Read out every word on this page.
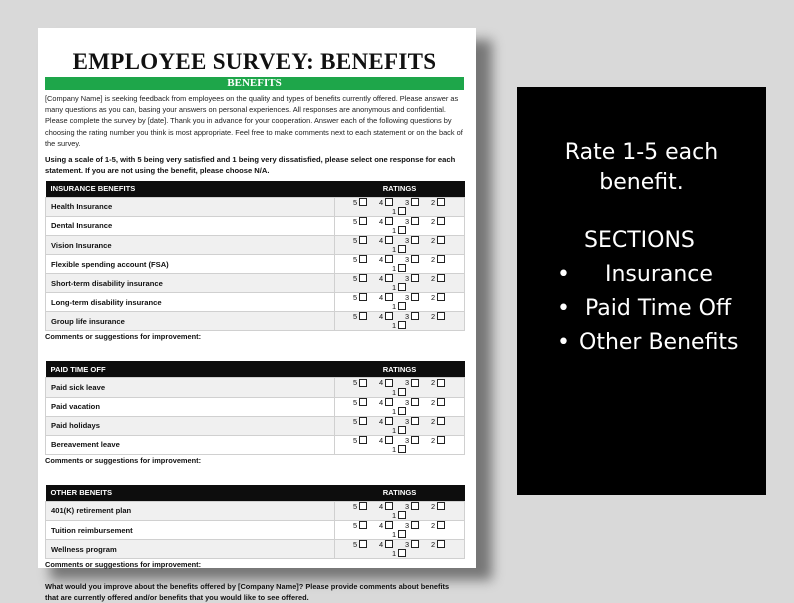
EMPLOYEE SURVEY: BENEFITS
BENEFITS
[Company Name] is seeking feedback from employees on the quality and types of benefits currently offered. Please answer as many questions as you can, basing your answers on personal experiences. All responses are anonymous and confidential. Please complete the survey by [date]. Thank you in advance for your cooperation. Answer each of the following questions by choosing the rating number you think is most appropriate. Feel free to make comments next to each statement or on the back of the survey.
Using a scale of 1-5, with 5 being very satisfied and 1 being very dissatisfied, please select one response for each statement. If you are not using the benefit, please choose N/A.
INSURANCE BENEFITS	RATINGS
Health Insurance	5 4 3 21
Dental Insurance	5 4 3 21
Vision Insurance	5 4 3 21
Flexible spending account (FSA)	5 4 3 21
Short-term disability insurance	5 4 3 21
Long-term disability insurance	5 4 3 21
Group life insurance	5 4 3 21
Comments or suggestions for improvement:
PAID TIME OFF	RATINGS
Paid sick leave	5 4 3 21
Paid vacation	5 4 3 21
Paid holidays	5 4 3 21
Bereavement leave	5 4 3 21
Comments or suggestions for improvement:
OTHER BENEITS	RATINGS
401(K) retirement plan	5 4 3 21
Tuition reimbursement	5 4 3 21
Wellness program	5 4 3 21
Comments or suggestions for improvement:
What would you improve about the benefits offered by [Company Name]? Please provide comments about benefits that are currently offered and/or benefits that you would like to see offered.
Rate 1-5 each
benefit.
SECTIONS
• Insurance
• Paid Time Off
• Other Benefits
